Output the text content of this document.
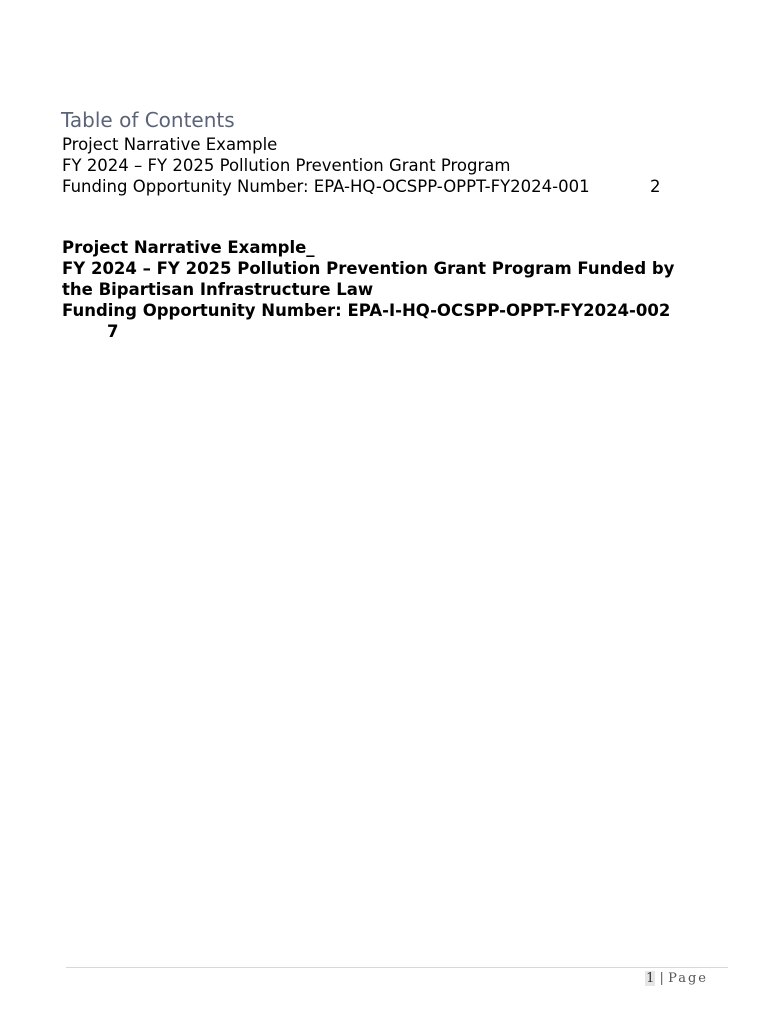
Table of Contents
Project Narrative Example
FY 2024 – FY 2025 Pollution Prevention Grant Program
Funding Opportunity Number: EPA-HQ-OCSPP-OPPT-FY2024-001	2
Project Narrative Example_
FY 2024 – FY 2025 Pollution Prevention Grant Program Funded by
the Bipartisan Infrastructure Law
Funding Opportunity Number: EPA-I-HQ-OCSPP-OPPT-FY2024-002
7
1 | Page
